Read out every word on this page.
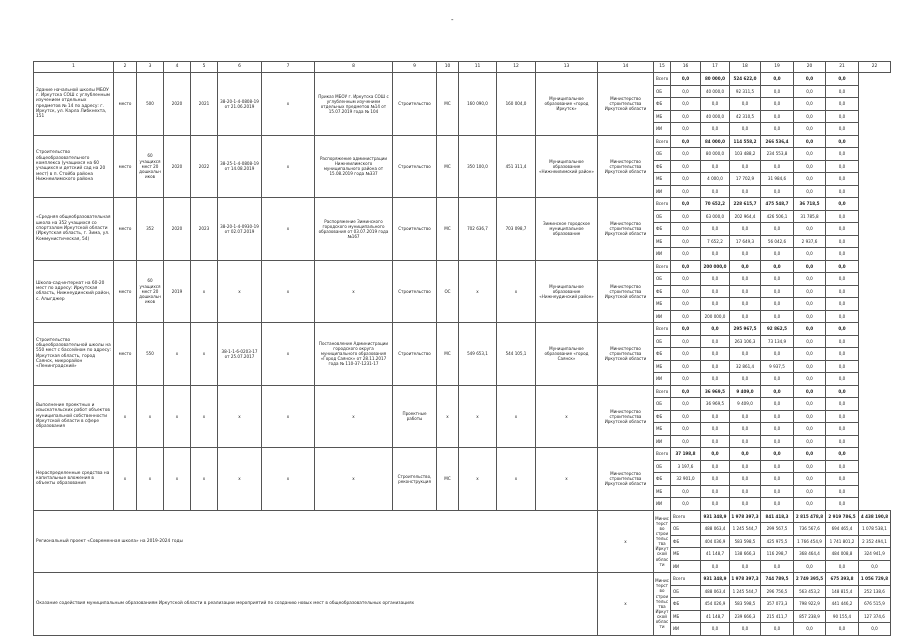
-
1	2	3	4	5	6	7	8	9	10	11	12	13	14	15	16	17	18	19	20	21	22
Здание начальной школы МБОУ г. Иркутска СОШ с углубленным изучением отдельных предметов № 14 по адресу: г. Иркутск, ул. Карла Либкнехта, 151	место	500	2020	2021	38-20-1-4-0808-19 от 21.06.2019	х	Приказ МБОУ г. Иркутска СОШ с углубленным изучением отдельных предметов №14 от 15.07.2019 года № 104	Строительство	МС	160 090,0	160 004,0	Муниципальное образование «город Иркутск»	Министерство строительства Иркутской области	Всего	0,0	80 000,0	524 622,0	0,0	0,0	0,0	
														ОБ	0,0	40 000,0	92 311,5	0,0	0,0	0,0	
														ФБ	0,0	0,0	0,0	0,0	0,0	0,0	
														МБ	0,0	40 000,0	42 310,5	0,0	0,0	0,0	
														ИИ	0,0	0,0	0,0	0,0	0,0	0,0	
Строительство общеобразовательного комплекса (учащихся на 60 учащихся и детский сад на 20 мест) в п. Стойба района Нижнеилимского района	место	60 учащихся мест 20 дошкольников	2020	2022	38-25-1-4-0808-19 от 14.08.2019	х	Распоряжение администрации Нижнеилимского муниципального района от 15.08.2019 года №337	Строительство	МС	350 100,0	451 311,4	Муниципальное образование «Нижнеилимский район»	Министерство строительства Иркутской области	Всего	0,0	84 000,0	114 558,2	266 536,4	0,0	0,0	
														ОБ	0,0	80 000,0	103 488,2	234 553,8	0,0	0,0	
														ФБ	0,0	0,0	0,0	0,0	0,0	0,0	
														МБ	0,0	4 000,0	17 702,9	31 984,6	0,0	0,0	
														ИИ	0,0	0,0	0,0	0,0	0,0	0,0	
«Средняя общеобразовательная школа на 352 учащихся со спортзалом Иркутской области (Иркутская область, г. Зима, ул. Коммунистическая, 54)	место	352	2020	2023	38-20-1-4-0930-19 от 02.07.2019	х	Распоряжение Зиминского городского муниципального образования от 03.07.2019 года №167	Строительство	МС	702 636,7	703 098,7	Зиминское городское муниципальное образование	Министерство строительства Иркутской области	Всего	0,0	70 652,2	228 615,7	475 548,7	36 718,5	0,0	
														ОБ	0,0	63 000,0	202 964,4	426 506,1	31 785,8	0,0	
														ФБ	0,0	0,0	0,0	0,0	0,0	0,0	
														МБ	0,0	7 652,2	17 649,3	56 042,6	2 937,6	0,0	
														ИИ	0,0	0,0	0,0	0,0	0,0	0,0	
Школа-сад-интернат на 60-20 мест по адресу: Иркутская область, Нижнеудинский район, с. Алыгджер	место	60 учащихся мест 20 дошкольников	2019	х	х	х	х	Строительство	ОС	х	х	Муниципальное образование «Нижнеудинский район»	Министерство строительства Иркутской области	Всего	0,0	200 000,0	0,0	0,0	0,0	0,0	
														ОБ	0,0	0,0	0,0	0,0	0,0	0,0	
														ФБ	0,0	0,0	0,0	0,0	0,0	0,0	
														МБ	0,0	0,0	0,0	0,0	0,0	0,0	
														ИИ	0,0	200 000,0	0,0	0,0	0,0	0,0	
Строительство общеобразовательной школы на 550 мест с бассейном по адресу: Иркутская область, город Саянск, микрорайон «Ленинградский»	место	550	х	х	38-1-1-6-0203-17 от 25.07.2017	х	Постановление Администрации городского округа муниципального образования «Город Саянск» от 28.11.2017 года № 110-37-1231-17	Строительство	МС	549 653,1	544 105,1	Муниципальное образование «город Саянск»	Министерство строительства Иркутской области	Всего	0,0	0,0	295 967,5	92 862,5	0,0	0,0	
														ОБ	0,0	0,0	263 106,3	73 134,9	0,0	0,0	
														ФБ	0,0	0,0	0,0	0,0	0,0	0,0	
														МБ	0,0	0,0	32 861,4	9 937,5	0,0	0,0	
														ИИ	0,0	0,0	0,0	0,0	0,0	0,0	
Выполнение проектных и изыскательских работ объектов муниципальной собственности Иркутской области в сфере образования	х	х	х	х	х	х	х	Проектные работы	х	х	х	х	Министерство строительства Иркутской области	Всего	0,0	36 969,5	9 409,0	0,0	0,0	0,0	
														ОБ	0,0	36 969,5	9 409,0	0,0	0,0	0,0	
														ФБ	0,0	0,0	0,0	0,0	0,0	0,0	
														МБ	0,0	0,0	0,0	0,0	0,0	0,0	
														ИИ	0,0	0,0	0,0	0,0	0,0	0,0	
Нераспределенные средства на капитальные вложения в объекты образования	х	х	х	х	х	х	х	Строительство, реконструкция	МС	х	х	х	Министерство строительства Иркутской области	Всего	37 198,8	0,0	0,0	0,0	0,0	0,0	
														ОБ	3 197,6	0,0	0,0	0,0	0,0	0,0	
														ФБ	32 901,0	0,0	0,0	0,0	0,0	0,0	
														МБ	0,0	0,0	0,0	0,0	0,0	0,0	
														ИИ	0,0	0,0	0,0	0,0	0,0	0,0	
Региональный проект «Современная школа» на 2019-2024 годы													х	Министерство строительства Иркутской области	Всего	931 348,9	1 978 397,3	841 418,3	2 815 478,8	2 919 786,5	4 438 190,8
															ОБ	488 063,4	1 245 544,7	299 567,5	736 567,6	694 465,4	1 078 538,1
															ФБ	404 036,9	583 598,5	425 975,5	1 766 454,9	1 741 801,2	2 352 494,1
															МБ	41 148,7	138 666,3	116 298,7	368 464,4	484 008,8	324 941,9
															ИИ	0,0	0,0	0,0	0,0	0,0	0,0
Оказание содействия муниципальным образованиям Иркутской области в реализации мероприятий по созданию новых мест в общеобразовательных организациях													х	Министерство строительства Иркутской области	Всего	931 348,9	1 978 397,3	744 789,5	2 749 395,5	675 393,8	1 056 729,8
															ОБ	488 063,4	1 245 544,7	296 756,5	563 453,2	148 815,4	252 138,6
															ФБ	454 026,9	583 598,5	357 073,3	798 922,9	441 446,2	676 515,9
															МБ	41 148,7	239 666,3	215 411,7	857 238,9	90 155,4	127 374,6
															ИИ	0,0	0,0	0,0	0,0	0,0	0,0
